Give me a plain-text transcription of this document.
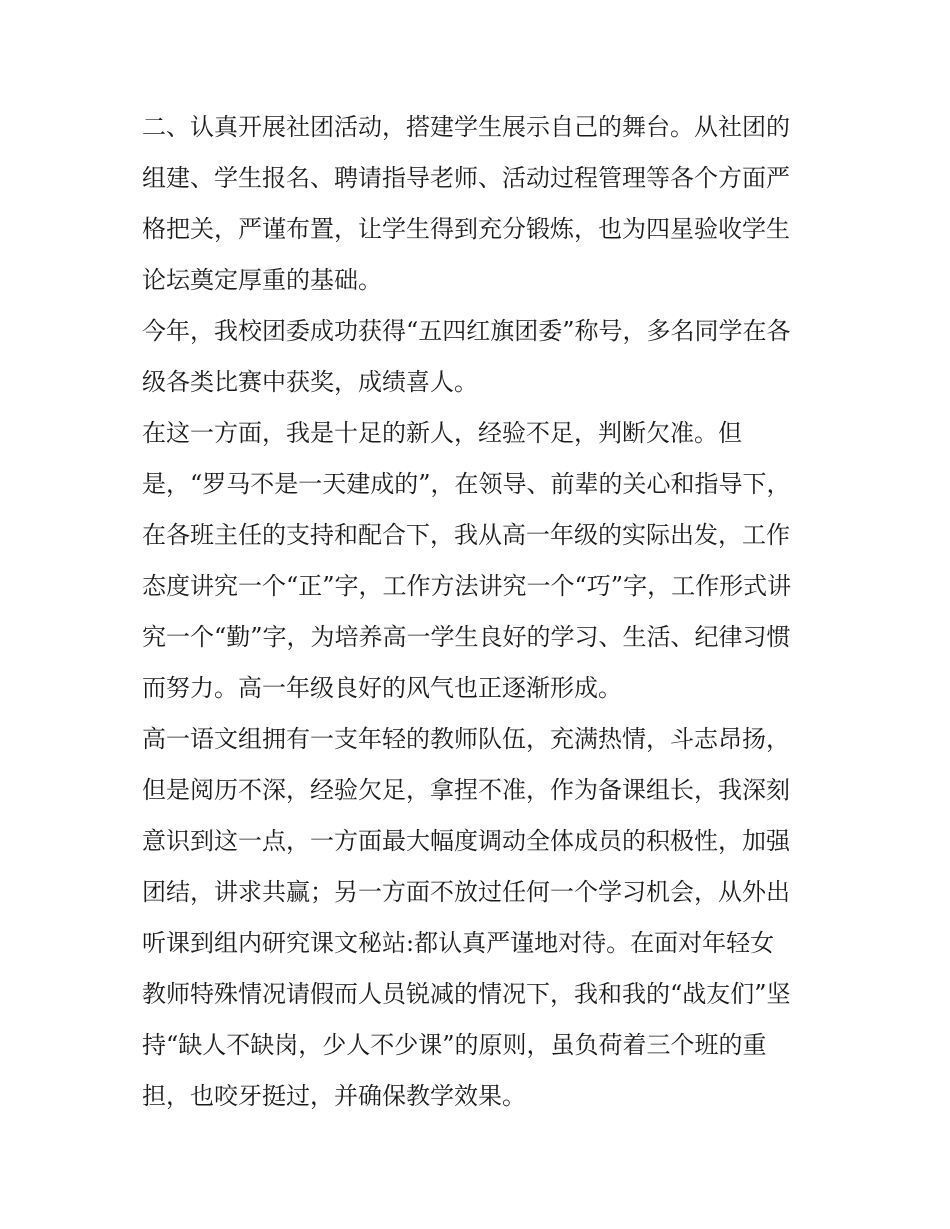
二、认真开展社团活动，搭建学生展示自己的舞台。从社团的
组建、学生报名、聘请指导老师、活动过程管理等各个方面严
格把关，严谨布置，让学生得到充分锻炼，也为四星验收学生
论坛奠定厚重的基础。
今年，我校团委成功获得“五四红旗团委”称号，多名同学在各
级各类比赛中获奖，成绩喜人。
在这一方面，我是十足的新人，经验不足，判断欠准。但
是，“罗马不是一天建成的”，在领导、前辈的关心和指导下，
在各班主任的支持和配合下，我从高一年级的实际出发，工作
态度讲究一个“正”字，工作方法讲究一个“巧”字，工作形式讲
究一个“勤”字，为培养高一学生良好的学习、生活、纪律习惯
而努力。高一年级良好的风气也正逐渐形成。
高一语文组拥有一支年轻的教师队伍，充满热情，斗志昂扬，
但是阅历不深，经验欠足，拿捏不准，作为备课组长，我深刻
意识到这一点，一方面最大幅度调动全体成员的积极性，加强
团结，讲求共赢；另一方面不放过任何一个学习机会，从外出
听课到组内研究课文秘站:都认真严谨地对待。在面对年轻女
教师特殊情况请假而人员锐减的情况下，我和我的“战友们”坚
持“缺人不缺岗，少人不少课”的原则，虽负荷着三个班的重
担，也咬牙挺过，并确保教学效果。
